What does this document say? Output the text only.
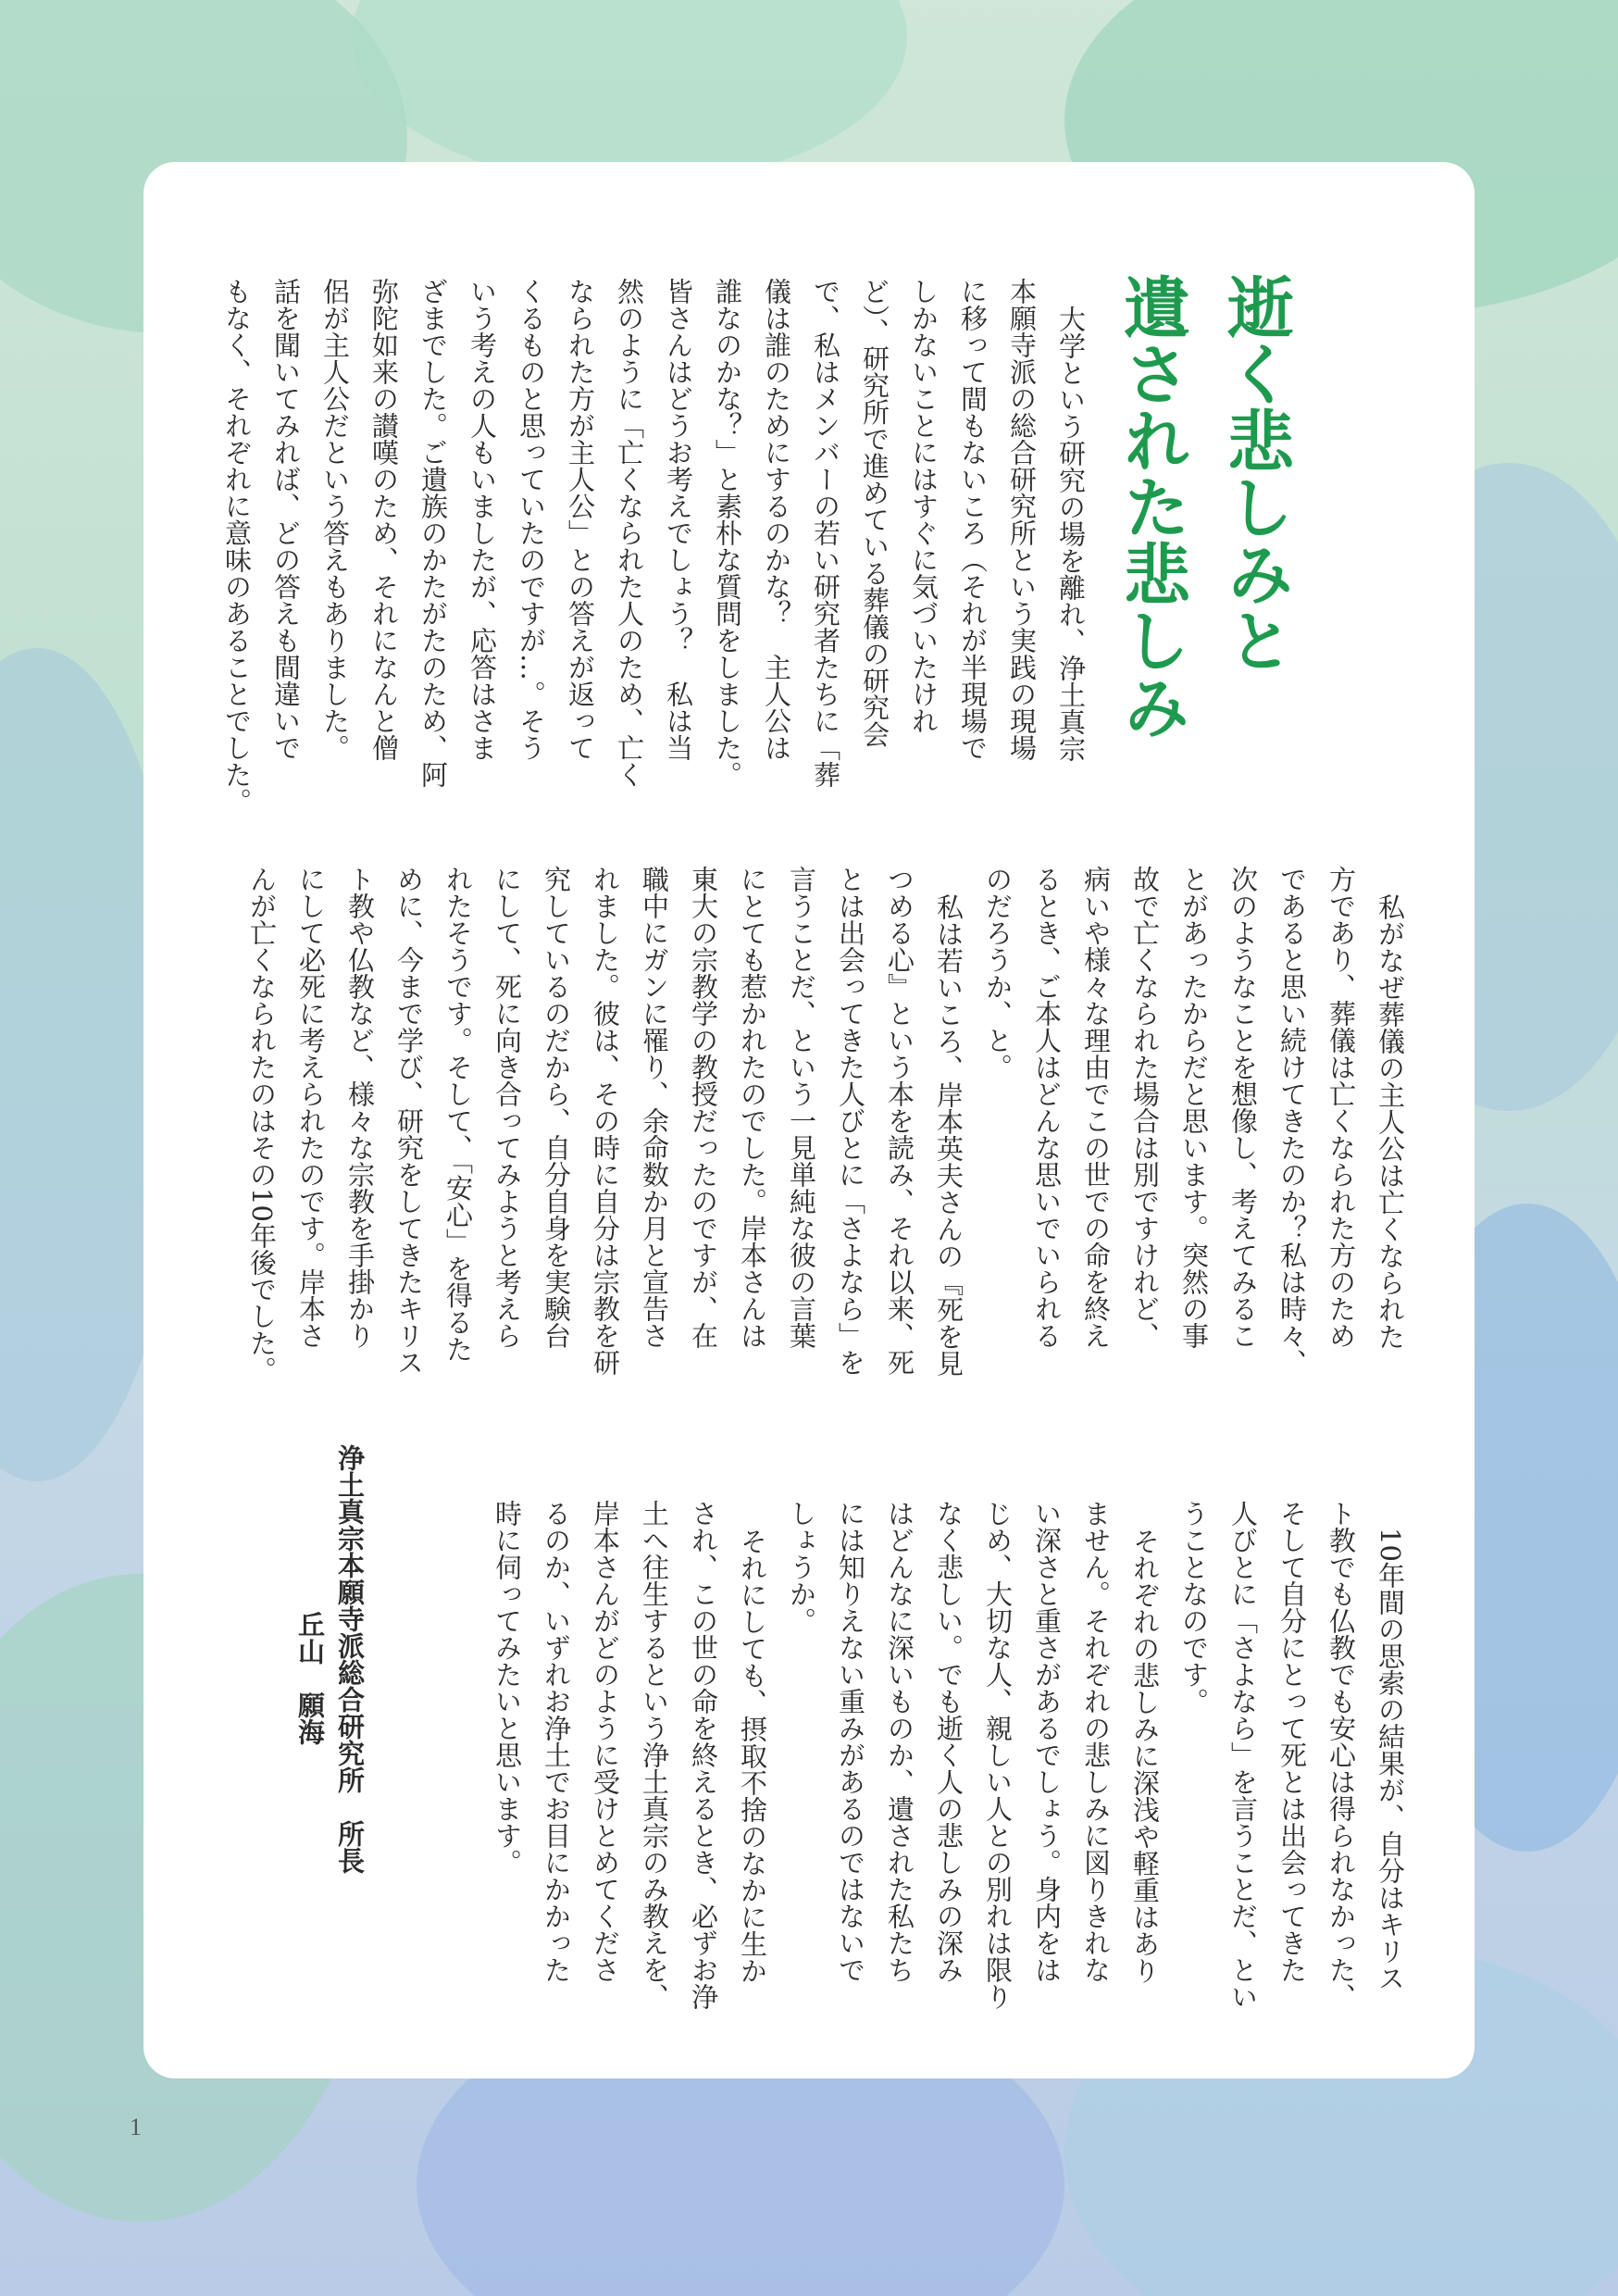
逝く悲しみと
遺された悲しみ
大学という研究の場を離れ、浄土真宗
本願寺派の総合研究所という実践の現場
に移って間もないころ（それが半現場で
しかないことにはすぐに気づいたけれ
ど）、研究所で進めている葬儀の研究会
で、私はメンバーの若い研究者たちに「葬
儀は誰のためにするのかな？　主人公は
誰なのかな？」と素朴な質問をしました。
皆さんはどうお考えでしょう？　私は当
然のように「亡くなられた人のため、亡く
なられた方が主人公」との答えが返って
くるものと思っていたのですが…。そう
いう考えの人もいましたが、応答はさま
ざまでした。ご遺族のかたがたのため、阿
弥陀如来の讃嘆のため、それになんと僧
侶が主人公だという答えもありました。
話を聞いてみれば、どの答えも間違いで
もなく、それぞれに意味のあることでした。
私がなぜ葬儀の主人公は亡くなられた
方であり、葬儀は亡くなられた方のため
であると思い続けてきたのか？私は時々、
次のようなことを想像し、考えてみるこ
とがあったからだと思います。突然の事
故で亡くなられた場合は別ですけれど、
病いや様々な理由でこの世での命を終え
るとき、ご本人はどんな思いでいられる
のだろうか、と。
私は若いころ、岸本英夫さんの『死を見
つめる心』という本を読み、それ以来、死
とは出会ってきた人びとに「さよなら」を
言うことだ、という一見単純な彼の言葉
にとても惹かれたのでした。岸本さんは
東大の宗教学の教授だったのですが、在
職中にガンに罹り、余命数か月と宣告さ
れました。彼は、その時に自分は宗教を研
究しているのだから、自分自身を実験台
にして、死に向き合ってみようと考えら
れたそうです。そして、「安心」を得るた
めに、今まで学び、研究をしてきたキリス
ト教や仏教など、様々な宗教を手掛かり
にして必死に考えられたのです。岸本さ
んが亡くなられたのはその10年後でした。
10年間の思索の結果が、自分はキリス
ト教でも仏教でも安心は得られなかった、
そして自分にとって死とは出会ってきた
人びとに「さよなら」を言うことだ、とい
うことなのです。
それぞれの悲しみに深浅や軽重はあり
ません。それぞれの悲しみに図りきれな
い深さと重さがあるでしょう。身内をは
じめ、大切な人、親しい人との別れは限り
なく悲しい。でも逝く人の悲しみの深み
はどんなに深いものか、遺された私たち
には知りえない重みがあるのではないで
しょうか。
それにしても、摂取不捨のなかに生か
され、この世の命を終えるとき、必ずお浄
土へ往生するという浄土真宗のみ教えを、
岸本さんがどのように受けとめてくださ
るのか、いずれお浄土でお目にかかった
時に伺ってみたいと思います。
浄土真宗本願寺派総合研究所　所長
丘山　願海
1
